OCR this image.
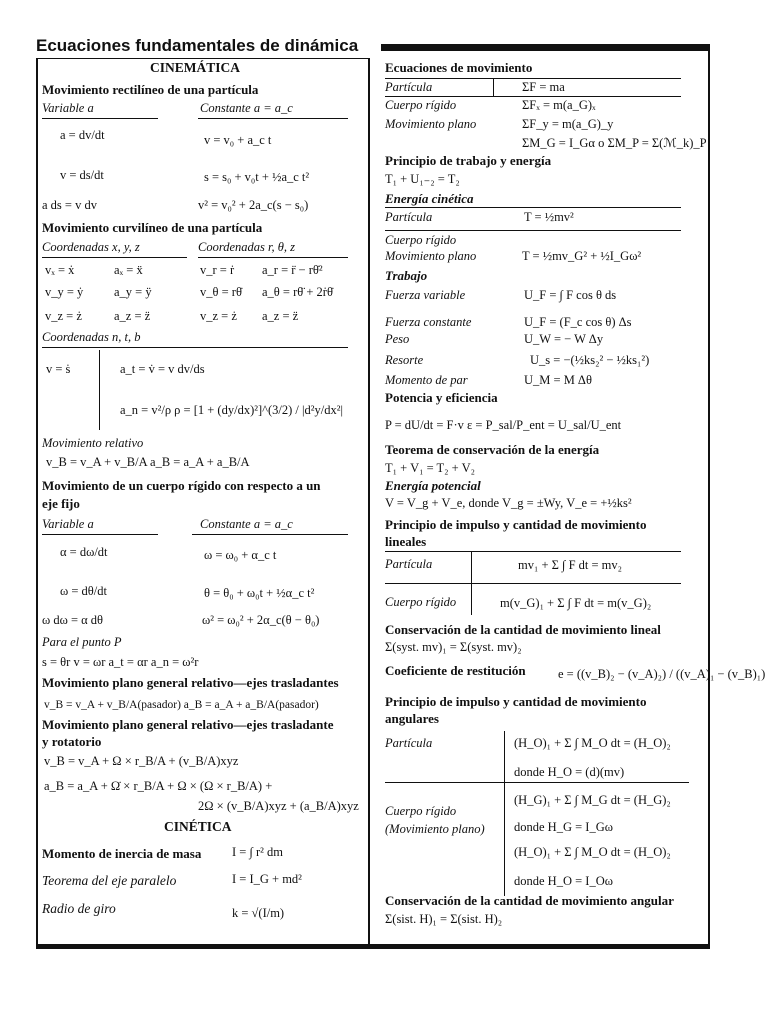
Ecuaciones fundamentales de dinámica
CINEMÁTICA
Movimiento rectilíneo de una partícula
Variable a	Constante a = a_c
a = dv/dt	v = v₀ + a_c t
v = ds/dt	s = s₀ + v₀t + ½a_c t²
a ds = v dv	v² = v₀² + 2a_c(s − s₀)
Movimiento curvilíneo de una partícula
Coordenadas x, y, z	Coordenadas r, θ, z
vₓ = ẋ	aₓ = ẍ	v_r = ṙ a_r = r̈ − rθ̇²
v_y = ẏ a_y = ÿ	v_θ = rθ̇ a_θ = rθ̈ + 2ṙθ̇
v_z = ż	a_z = z̈	v_z = ż a_z = z̈
Coordenadas n, t, b
v = ṡ	a_t = v̇ = v dv/ds
a_n = v²/ρ ρ = [1 + (dy/dx)²]^(3/2) / |d²y/dx²|
Movimiento relativo
v_B = v_A + v_B/A a_B = a_A + a_B/A
Movimiento de un cuerpo rígido con respecto a un
eje fijo
Variable a	Constante a = a_c
α = dω/dt	ω = ω₀ + α_c t
ω = dθ/dt	θ = θ₀ + ω₀t + ½α_c t²
ω dω = α dθ	ω² = ω₀² + 2α_c(θ − θ₀)
Para el punto P
s = θr v = ωr a_t = αr a_n = ω²r
Movimiento plano general relativo—ejes trasladantes
v_B = v_A + v_B/A(pasador) a_B = a_A + a_B/A(pasador)
Movimiento plano general relativo—ejes trasladante
y rotatorio
v_B = v_A + Ω × r_B/A + (v_B/A)xyz
a_B = a_A + Ω̇ × r_B/A + Ω × (Ω × r_B/A) +
2Ω × (v_B/A)xyz + (a_B/A)xyz
CINÉTICA
Momento de inercia de masa I = ∫ r² dm
Teorema del eje paralelo	I = I_G + md²
Radio de giro	k = √(I/m)
Ecuaciones de movimiento
Partícula	ΣF = ma
Cuerpo rígido	ΣFₓ = m(a_G)ₓ
Movimiento plano	ΣF_y = m(a_G)_y
ΣM_G = I_Gα o ΣM_P = Σ(ℳ_k)_P
Principio de trabajo y energía
T₁ + U₁₋₂ = T₂
Energía cinética
Partícula	T = ½mv²
Cuerpo rígido
Movimiento plano	T = ½mv_G² + ½I_Gω²
Trabajo
Fuerza variable	U_F = ∫ F cos θ ds
Fuerza constante	U_F = (F_c cos θ) Δs
Peso	U_W = − W Δy
Resorte	U_s = −(½ks₂² − ½ks₁²)
Momento de par	U_M = M Δθ
Potencia y eficiencia
P = dU/dt = F·v ε = P_sal/P_ent = U_sal/U_ent
Teorema de conservación de la energía
T₁ + V₁ = T₂ + V₂
Energía potencial
V = V_g + V_e, donde V_g = ±Wy, V_e = +½ks²
Principio de impulso y cantidad de movimiento
lineales
Partícula	mv₁ + Σ ∫ F dt = mv₂
Cuerpo rígido	m(v_G)₁ + Σ ∫ F dt = m(v_G)₂
Conservación de la cantidad de movimiento lineal
Σ(syst. mv)₁ = Σ(syst. mv)₂
Coeficiente de restitución	e = ((v_B)₂ − (v_A)₂) / ((v_A)₁ − (v_B)₁)
Principio de impulso y cantidad de movimiento
angulares
Partícula	(H_O)₁ + Σ ∫ M_O dt = (H_O)₂
donde H_O = (d)(mv)
Cuerpo rígido
(Movimiento plano)
(H_G)₁ + Σ ∫ M_G dt = (H_G)₂
donde H_G = I_Gω
(H_O)₁ + Σ ∫ M_O dt = (H_O)₂
donde H_O = I_Oω
Conservación de la cantidad de movimiento angular
Σ(sist. H)₁ = Σ(sist. H)₂
